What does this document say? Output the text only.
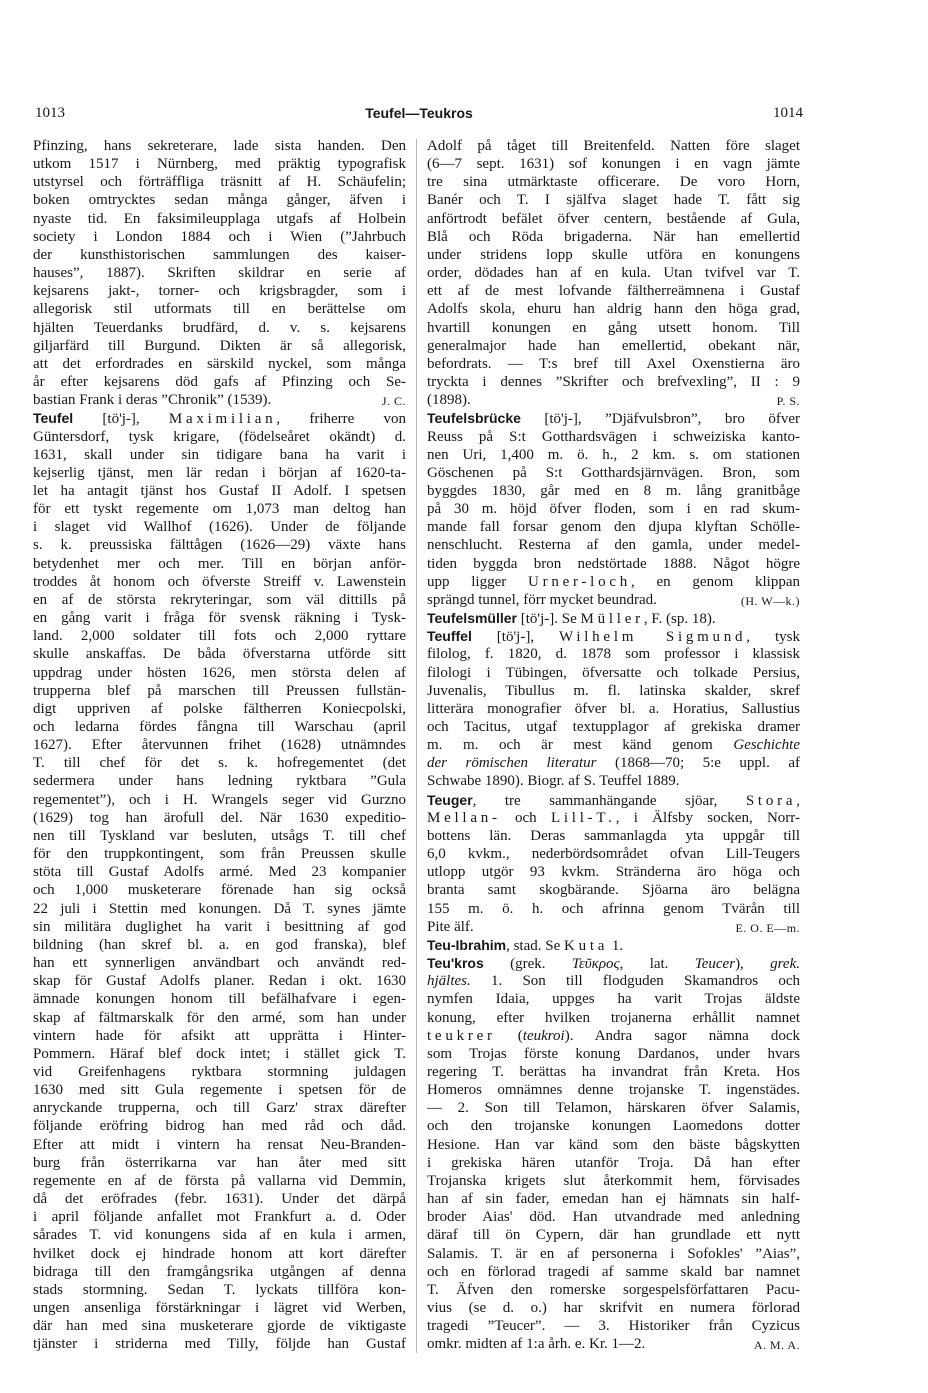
1013	Teufel—Teukros	1014
Pfinzing, hans sekreterare, lade sista handen. Den
utkom 1517 i Nürnberg, med präktig typografisk
utstyrsel och förträffliga träsnitt af H. Schäufelin;
boken omtrycktes sedan många gånger, äfven i
nyaste tid. En faksimileupplaga utgafs af Holbein
society i London 1884 och i Wien (”Jahrbuch
der kunsthistorischen sammlungen des kaiser-
hauses”, 1887). Skriften skildrar en serie af
kejsarens jakt-, torner- och krigsbragder, som i
allegorisk stil utformats till en berättelse om
hjälten Teuerdanks brudfärd, d. v. s. kejsarens
giljarfärd till Burgund. Dikten är så allegorisk,
att det erfordrades en särskild nyckel, som många
år efter kejsarens död gafs af Pfinzing och Se-
bastian Frank i deras ”Chronik” (1539).	J. C.
Teufel [tö'j-], Maximilian, friherre von
Güntersdorf, tysk krigare, (födelseåret okändt) d.
1631, skall under sin tidigare bana ha varit i
kejserlig tjänst, men lär redan i början af 1620-ta-
let ha antagit tjänst hos Gustaf II Adolf. I spetsen
för ett tyskt regemente om 1,073 man deltog han
i slaget vid Wallhof (1626). Under de följande
s. k. preussiska fälttågen (1626—29) växte hans
betydenhet mer och mer. Till en början anför-
troddes åt honom och öfverste Streiff v. Lawenstein
en af de största rekryteringar, som väl dittills på
en gång varit i fråga för svensk räkning i Tysk-
land. 2,000 soldater till fots och 2,000 ryttare
skulle anskaffas. De båda öfverstarna utförde sitt
uppdrag under hösten 1626, men största delen af
trupperna blef på marschen till Preussen fullstän-
digt uppriven af polske fältherren Koniecpolski,
och ledarna fördes fångna till Warschau (april
1627). Efter återvunnen frihet (1628) utnämndes
T. till chef för det s. k. hofregementet (det
sedermera under hans ledning ryktbara ”Gula
regementet”), och i H. Wrangels seger vid Gurzno
(1629) tog han ärofull del. När 1630 expeditio-
nen till Tyskland var besluten, utsågs T. till chef
för den truppkontingent, som från Preussen skulle
stöta till Gustaf Adolfs armé. Med 23 kompanier
och 1,000 musketerare förenade han sig också
22 juli i Stettin med konungen. Då T. synes jämte
sin militära duglighet ha varit i besittning af god
bildning (han skref bl. a. en god franska), blef
han ett synnerligen användbart och användt red-
skap för Gustaf Adolfs planer. Redan i okt. 1630
ämnade konungen honom till befälhafvare i egen-
skap af fältmarskalk för den armé, som han under
vintern hade för afsikt att upprätta i Hinter-
Pommern. Häraf blef dock intet; i stället gick T.
vid Greifenhagens ryktbara stormning juldagen
1630 med sitt Gula regemente i spetsen för de
anryckande trupperna, och till Garz' strax därefter
följande eröfring bidrog han med råd och dåd.
Efter att midt i vintern ha rensat Neu-Branden-
burg från österrikarna var han åter med sitt
regemente en af de första på vallarna vid Demmin,
då det eröfrades (febr. 1631). Under det därpå
i april följande anfallet mot Frankfurt a. d. Oder
sårades T. vid konungens sida af en kula i armen,
hvilket dock ej hindrade honom att kort därefter
bidraga till den framgångsrika utgången af denna
stads stormning. Sedan T. lyckats tillföra kon-
ungen ansenliga förstärkningar i lägret vid Werben,
där han med sina musketerare gjorde de viktigaste
tjänster i striderna med Tilly, följde han Gustaf
Adolf på tåget till Breitenfeld. Natten före slaget
(6—7 sept. 1631) sof konungen i en vagn jämte
tre sina utmärktaste officerare. De voro Horn,
Banér och T. I själfva slaget hade T. fått sig
anförtrodt befälet öfver centern, bestående af Gula,
Blå och Röda brigaderna. När han emellertid
under stridens lopp skulle utföra en konungens
order, dödades han af en kula. Utan tvifvel var T.
ett af de mest lofvande fältherreämnena i Gustaf
Adolfs skola, ehuru han aldrig hann den höga grad,
hvartill konungen en gång utsett honom. Till
generalmajor hade han emellertid, obekant när,
befordrats. — T:s bref till Axel Oxenstierna äro
tryckta i dennes ”Skrifter och brefvexling”, II : 9
(1898).	P. S.
Teufelsbrücke [tö'j-], ”Djäfvulsbron”, bro öfver
Reuss på S:t Gotthardsvägen i schweiziska kanto-
nen Uri, 1,400 m. ö. h., 2 km. s. om stationen
Göschenen på S:t Gotthardsjärnvägen. Bron, som
byggdes 1830, går med en 8 m. lång granitbåge
på 30 m. höjd öfver floden, som i en rad skum-
mande fall forsar genom den djupa klyftan Schölle-
nenschlucht. Resterna af den gamla, under medel-
tiden byggda bron nedstörtade 1888. Något högre
upp ligger Urner-loch, en genom klippan
sprängd tunnel, förr mycket beundrad.	(H. W—k.)
Teufelsmüller [tö'j-]. Se Müller, F. (sp. 18).
Teuffel [tö'j-], Wilhelm Sigmund, tysk
filolog, f. 1820, d. 1878 som professor i klassisk
filologi i Tübingen, öfversatte och tolkade Persius,
Juvenalis, Tibullus m. fl. latinska skalder, skref
litterära monografier öfver bl. a. Horatius, Sallustius
och Tacitus, utgaf textupplagor af grekiska dramer
m. m. och är mest känd genom Geschichte
der römischen literatur (1868—70; 5:e uppl. af
Schwabe 1890). Biogr. af S. Teuffel 1889.
Teuger, tre sammanhängande sjöar, Stora,
Mellan- och Lill-T., i Älfsby socken, Norr-
bottens län. Deras sammanlagda yta uppgår till
6,0 kvkm., nederbördsområdet ofvan Lill-Teugers
utlopp utgör 93 kvkm. Stränderna äro höga och
branta samt skogbärande. Sjöarna äro belägna
155 m. ö. h. och afrinna genom Tvärån till
Pite älf.	E. O. E—m.
Teu-Ibrahim, stad. Se Kuta 1.
Teu'kros (grek. Τεῦκρος, lat. Teucer), grek.
hjältes. 1. Son till flodguden Skamandros och
nymfen Idaia, uppges ha varit Trojas äldste
konung, efter hvilken trojanerna erhållit namnet
teukrer (teukroi). Andra sagor nämna dock
som Trojas förste konung Dardanos, under hvars
regering T. berättas ha invandrat från Kreta. Hos
Homeros omnämnes denne trojanske T. ingenstädes.
— 2. Son till Telamon, härskaren öfver Salamis,
och den trojanske konungen Laomedons dotter
Hesione. Han var känd som den bäste bågskytten
i grekiska hären utanför Troja. Då han efter
Trojanska krigets slut återkommit hem, förvisades
han af sin fader, emedan han ej hämnats sin half-
broder Aias' död. Han utvandrade med anledning
däraf till ön Cypern, där han grundlade ett nytt
Salamis. T. är en af personerna i Sofokles' ”Aias”,
och en förlorad tragedi af samme skald bar namnet
T. Äfven den romerske sorgespelsförfattaren Pacu-
vius (se d. o.) har skrifvit en numera förlorad
tragedi ”Teucer”. — 3. Historiker från Cyzicus
omkr. midten af 1:a årh. e. Kr. 1—2.	A. M. A.
